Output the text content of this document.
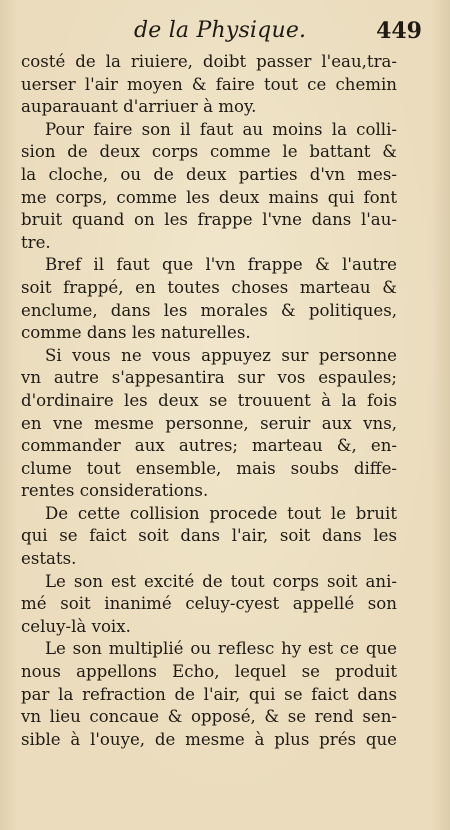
de la Physique.	449
costé de la riuiere, doibt passer l'eau,tra-
uerser l'air moyen & faire tout ce chemin
auparauant d'arriuer à moy.
Pour faire son il faut au moins la colli-
sion de deux corps comme le battant &
la cloche, ou de deux parties d'vn mes-
me corps, comme les deux mains qui font
bruit quand on les frappe l'vne dans l'au-
tre.
Bref il faut que l'vn frappe & l'autre
soit frappé, en toutes choses marteau &
enclume, dans les morales & politiques,
comme dans les naturelles.
Si vous ne vous appuyez sur personne
vn autre s'appesantira sur vos espaules;
d'ordinaire les deux se trouuent à la fois
en vne mesme personne, seruir aux vns,
commander aux autres; marteau &, en-
clume tout ensemble, mais soubs diffe-
rentes considerations.
De cette collision procede tout le bruit
qui se faict soit dans l'air, soit dans les
estats.
Le son est excité de tout corps soit ani-
mé soit inanimé celuy-cyest appellé son
celuy-là voix.
Le son multiplié ou reflesc hy est ce que
nous appellons Echo, lequel se produit
par la refraction de l'air, qui se faict dans
vn lieu concaue & opposé, & se rend sen-
sible à l'ouye, de mesme à plus prés que
